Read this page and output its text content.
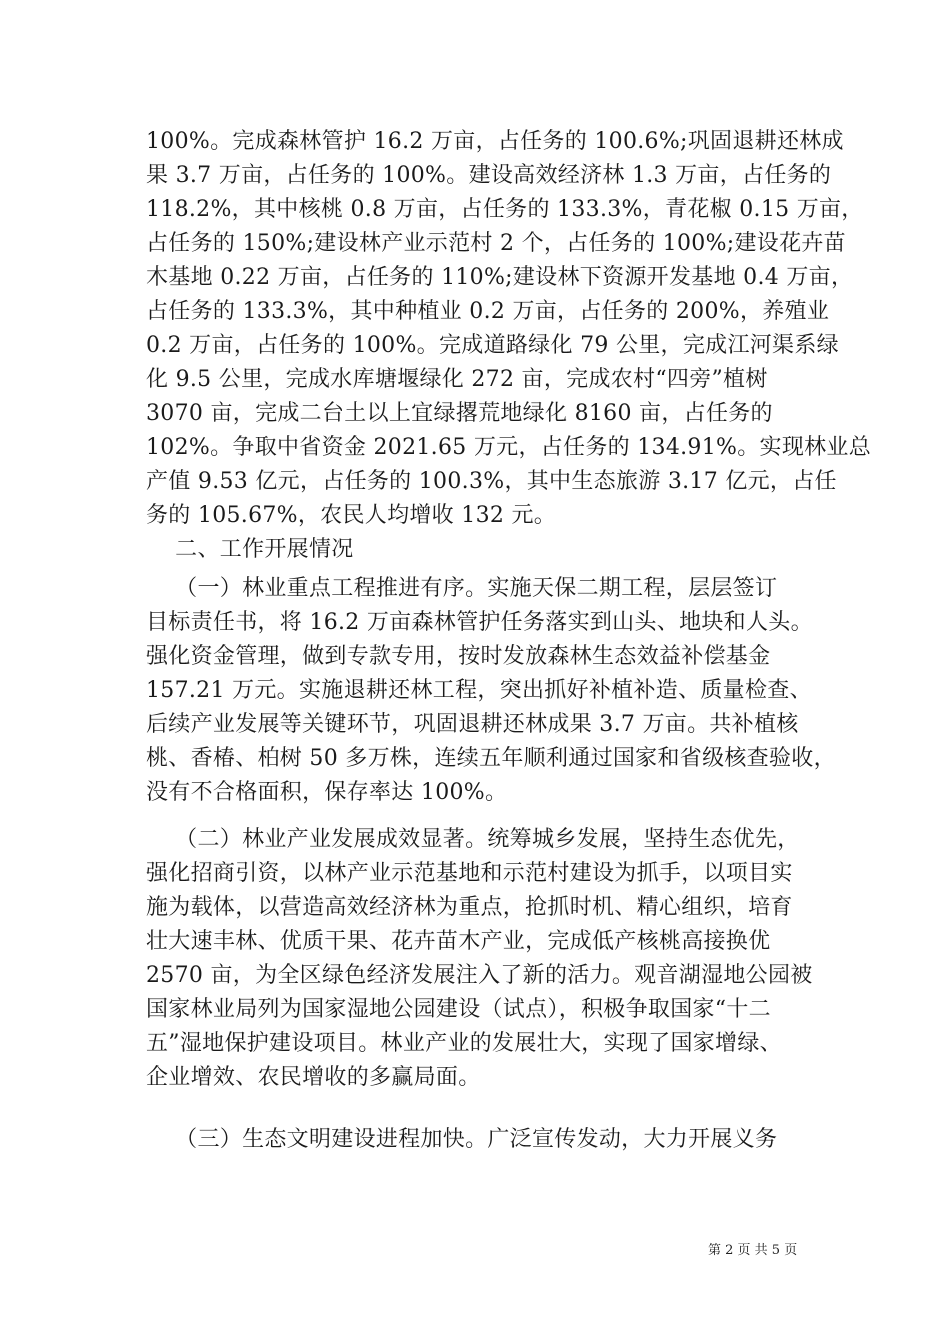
100%。完成森林管护 16.2 万亩，占任务的 100.6%;巩固退耕还林成
果 3.7 万亩，占任务的 100%。建设高效经济林 1.3 万亩，占任务的
118.2%，其中核桃 0.8 万亩，占任务的 133.3%，青花椒 0.15 万亩，
占任务的 150%;建设林产业示范村 2 个，占任务的 100%;建设花卉苗
木基地 0.22 万亩，占任务的 110%;建设林下资源开发基地 0.4 万亩，
占任务的 133.3%，其中种植业 0.2 万亩，占任务的 200%，养殖业
0.2 万亩，占任务的 100%。完成道路绿化 79 公里，完成江河渠系绿
化 9.5 公里，完成水库塘堰绿化 272 亩，完成农村“四旁”植树
3070 亩，完成二台土以上宜绿撂荒地绿化 8160 亩，占任务的
102%。争取中省资金 2021.65 万元，占任务的 134.91%。实现林业总
产值 9.53 亿元，占任务的 100.3%，其中生态旅游 3.17 亿元，占任
务的 105.67%，农民人均增收 132 元。
二、工作开展情况
（一）林业重点工程推进有序。实施天保二期工程，层层签订
目标责任书，将 16.2 万亩森林管护任务落实到山头、地块和人头。
强化资金管理，做到专款专用，按时发放森林生态效益补偿基金
157.21 万元。实施退耕还林工程，突出抓好补植补造、质量检查、
后续产业发展等关键环节，巩固退耕还林成果 3.7 万亩。共补植核
桃、香椿、柏树 50 多万株，连续五年顺利通过国家和省级核查验收，
没有不合格面积，保存率达 100%。
（二）林业产业发展成效显著。统筹城乡发展，坚持生态优先，
强化招商引资，以林产业示范基地和示范村建设为抓手，以项目实
施为载体，以营造高效经济林为重点，抢抓时机、精心组织，培育
壮大速丰林、优质干果、花卉苗木产业，完成低产核桃高接换优
2570 亩，为全区绿色经济发展注入了新的活力。观音湖湿地公园被
国家林业局列为国家湿地公园建设（试点），积极争取国家“十二
五”湿地保护建设项目。林业产业的发展壮大，实现了国家增绿、
企业增效、农民增收的多赢局面。
（三）生态文明建设进程加快。广泛宣传发动，大力开展义务
第 2 页 共 5 页
